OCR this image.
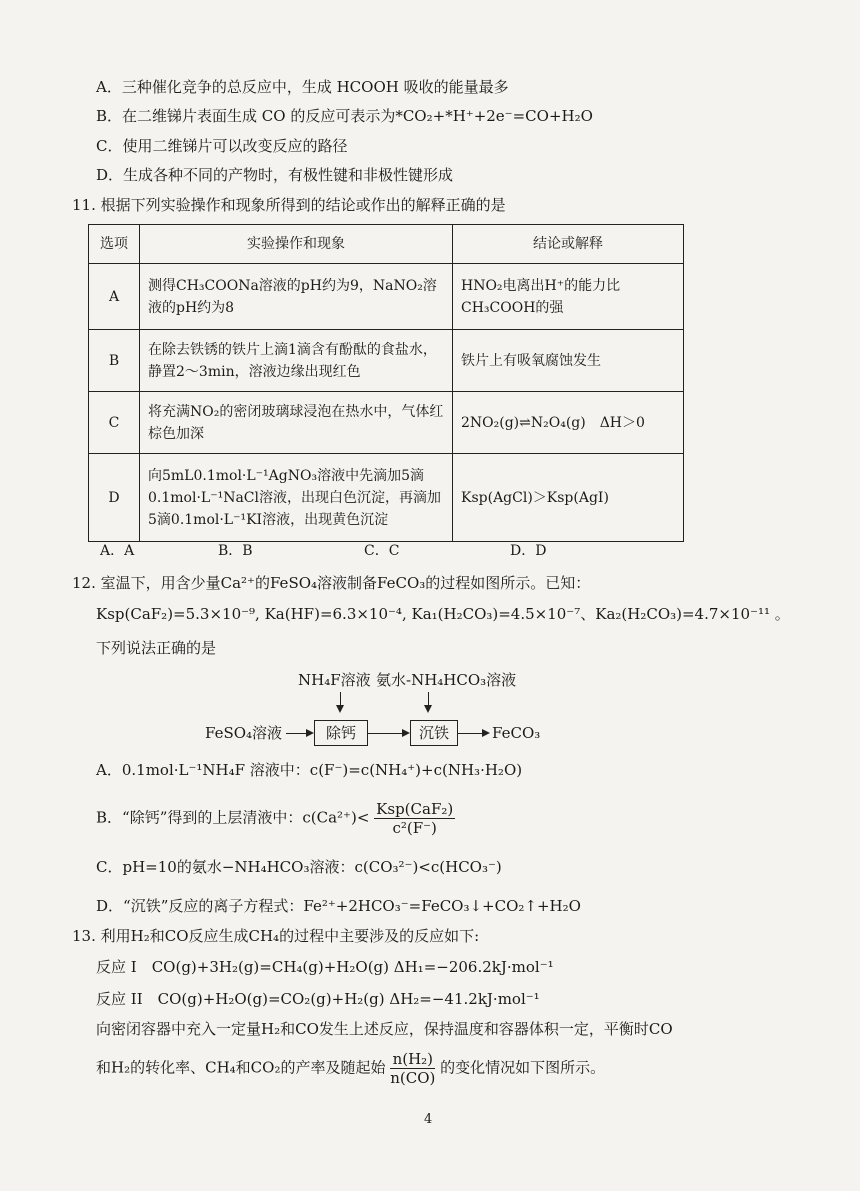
A．三种催化竞争的总反应中，生成 HCOOH 吸收的能量最多
B．在二维锑片表面生成 CO 的反应可表示为*CO₂+*H⁺+2e⁻=CO+H₂O
C．使用二维锑片可以改变反应的路径
D．生成各种不同的产物时，有极性键和非极性键形成
11. 根据下列实验操作和现象所得到的结论或作出的解释正确的是
选项	实验操作和现象	结论或解释
A	测得CH₃COONa溶液的pH约为9，NaNO₂溶液的pH约为8	HNO₂电离出H⁺的能力比CH₃COOH的强
B	在除去铁锈的铁片上滴1滴含有酚酞的食盐水，静置2～3min，溶液边缘出现红色	铁片上有吸氧腐蚀发生
C	将充满NO₂的密闭玻璃球浸泡在热水中，气体红棕色加深	2NO₂(g)⇌N₂O₄(g)　ΔH＞0
D	向5mL0.1mol·L⁻¹AgNO₃溶液中先滴加5滴0.1mol·L⁻¹NaCl溶液，出现白色沉淀，再滴加5滴0.1mol·L⁻¹KI溶液，出现黄色沉淀	Ksp(AgCl)＞Ksp(AgI)
A．A	B．B	C．C	D．D
12. 室温下，用含少量Ca²⁺的FeSO₄溶液制备FeCO₃的过程如图所示。已知：
Ksp(CaF₂)=5.3×10⁻⁹, Ka(HF)=6.3×10⁻⁴, Ka₁(H₂CO₃)=4.5×10⁻⁷、Ka₂(H₂CO₃)=4.7×10⁻¹¹ 。
下列说法正确的是
NH₄F溶液 氨水-NH₄HCO₃溶液
FeSO₄溶液	除钙	沉铁	FeCO₃
A．0.1mol·L⁻¹NH₄F 溶液中：c(F⁻)=c(NH₄⁺)+c(NH₃·H₂O)
B．“除钙”得到的上层清液中：$c(Ca^{2+})< \frac{\text{Ksp(CaF₂)}}{\text{c²(F⁻)}}$
C．pH=10的氨水−NH₄HCO₃溶液：c(CO₃²⁻)<c(HCO₃⁻)
D．“沉铁”反应的离子方程式：Fe²⁺+2HCO₃⁻=FeCO₃↓+CO₂↑+H₂O
13. 利用H₂和CO反应生成CH₄的过程中主要涉及的反应如下:
反应 I　CO(g)+3H₂(g)=CH₄(g)+H₂O(g) ΔH₁=−206.2kJ·mol⁻¹
反应 II　CO(g)+H₂O(g)=CO₂(g)+H₂(g) ΔH₂=−41.2kJ·mol⁻¹
向密闭容器中充入一定量H₂和CO发生上述反应，保持温度和容器体积一定，平衡时CO
和H₂的转化率、CH₄和CO₂的产率及随起始 $\frac{\text{n(H₂)}}{n(CO)}$ 的变化情况如下图所示。
4
